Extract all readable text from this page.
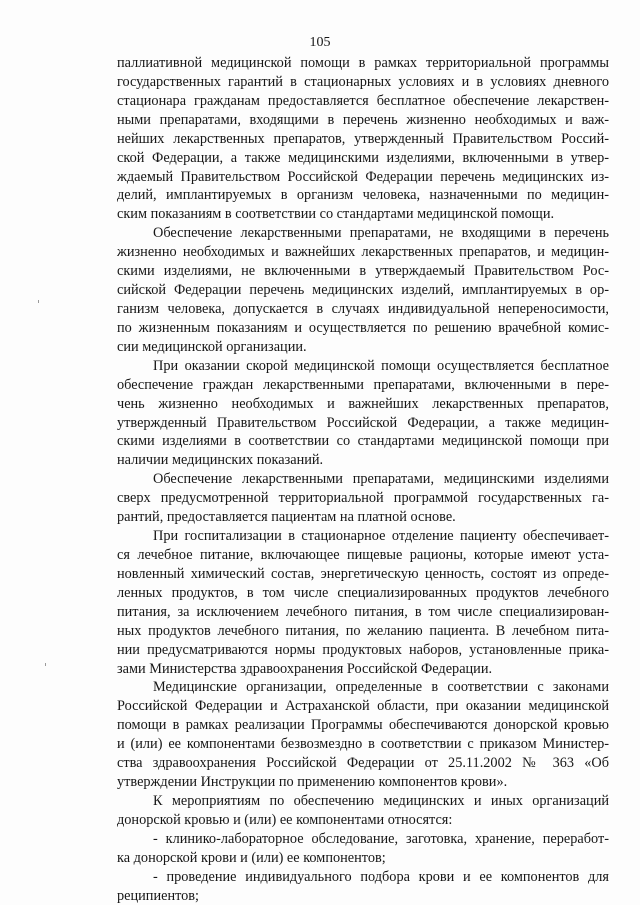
105
паллиативной медицинской помощи в рамках территориальной программы
государственных гарантий в стационарных условиях и в условиях дневного
стационара гражданам предоставляется бесплатное обеспечение лекарствен-
ными препаратами, входящими в перечень жизненно необходимых и важ-
нейших лекарственных препаратов, утвержденный Правительством Россий-
ской Федерации, а также медицинскими изделиями, включенными в утвер-
ждаемый Правительством Российской Федерации перечень медицинских из-
делий, имплантируемых в организм человека, назначенными по медицин-
ским показаниям в соответствии со стандартами медицинской помощи.
Обеспечение лекарственными препаратами, не входящими в перечень
жизненно необходимых и важнейших лекарственных препаратов, и медицин-
скими изделиями, не включенными в утверждаемый Правительством Рос-
сийской Федерации перечень медицинских изделий, имплантируемых в ор-
ганизм человека, допускается в случаях индивидуальной непереносимости,
по жизненным показаниям и осуществляется по решению врачебной комис-
сии медицинской организации.
При оказании скорой медицинской помощи осуществляется бесплатное
обеспечение граждан лекарственными препаратами, включенными в пере-
чень жизненно необходимых и важнейших лекарственных препаратов,
утвержденный Правительством Российской Федерации, а также медицин-
скими изделиями в соответствии со стандартами медицинской помощи при
наличии медицинских показаний.
Обеспечение лекарственными препаратами, медицинскими изделиями
сверх предусмотренной территориальной программой государственных га-
рантий, предоставляется пациентам на платной основе.
При госпитализации в стационарное отделение пациенту обеспечивает-
ся лечебное питание, включающее пищевые рационы, которые имеют уста-
новленный химический состав, энергетическую ценность, состоят из опреде-
ленных продуктов, в том числе специализированных продуктов лечебного
питания, за исключением лечебного питания, в том числе специализирован-
ных продуктов лечебного питания, по желанию пациента. В лечебном пита-
нии предусматриваются нормы продуктовых наборов, установленные прика-
зами Министерства здравоохранения Российской Федерации.
Медицинские организации, определенные в соответствии с законами
Российской Федерации и Астраханской области, при оказании медицинской
помощи в рамках реализации Программы обеспечиваются донорской кровью
и (или) ее компонентами безвозмездно в соответствии с приказом Министер-
ства здравоохранения Российской Федерации от 25.11.2002 № 363 «Об
утверждении Инструкции по применению компонентов крови».
К мероприятиям по обеспечению медицинских и иных организаций
донорской кровью и (или) ее компонентами относятся:
- клинико-лабораторное обследование, заготовка, хранение, переработ-
ка донорской крови и (или) ее компонентов;
- проведение индивидуального подбора крови и ее компонентов для
реципиентов;
